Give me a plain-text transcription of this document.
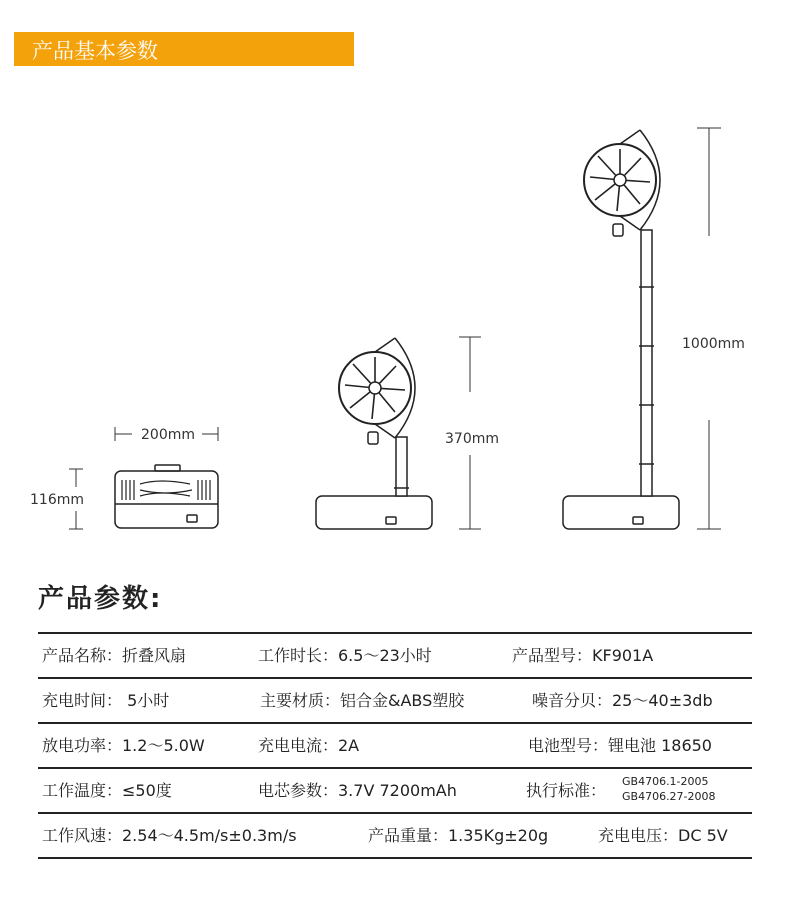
产品基本参数
200mm
116mm
370mm
1000mm
产品参数:
产品名称：折叠风扇	工作时长：6.5～23小时	产品型号：KF901A
充电时间： 5小时	主要材质：铝合金&ABS塑胶	噪音分贝：25～40±3db
放电功率：1.2～5.0W	充电电流：2A	电池型号：锂电池 18650
工作温度：≤50度	电芯参数：3.7V 7200mAh	执行标准： GB4706.1-2005
GB4706.27-2008
工作风速：2.54～4.5m/s±0.3m/s	产品重量：1.35Kg±20g	充电电压：DC 5V
